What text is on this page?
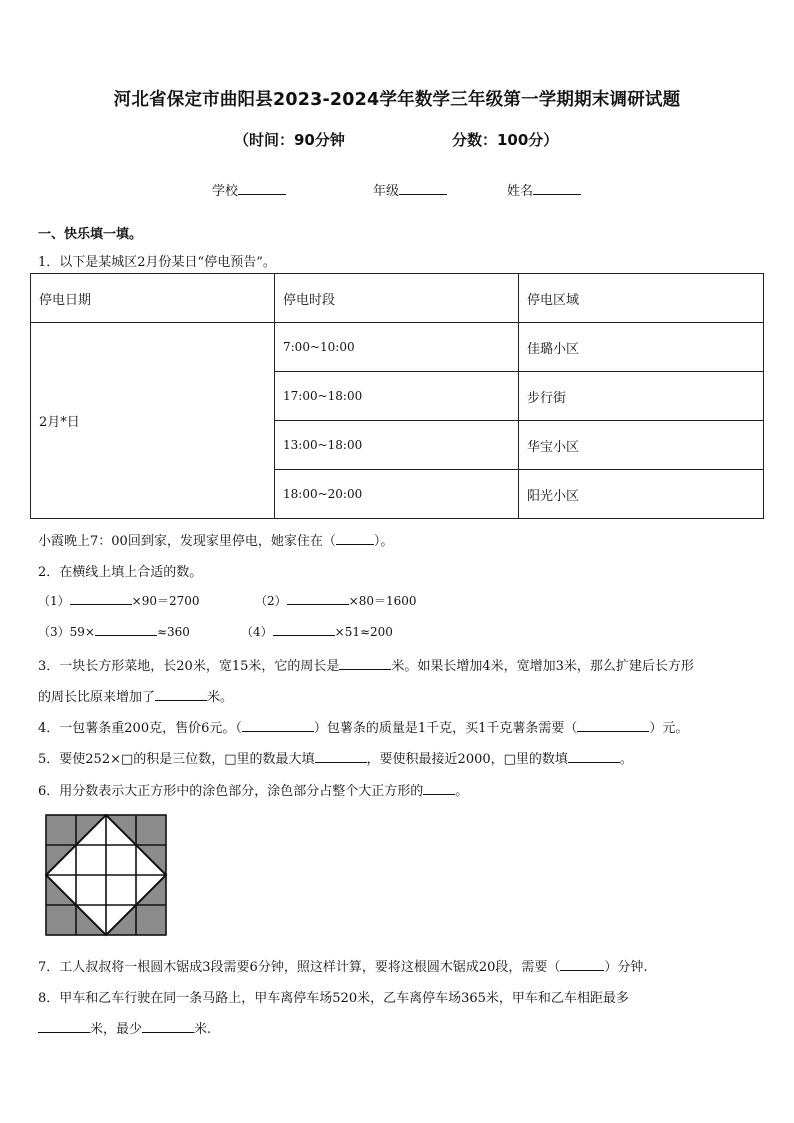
河北省保定市曲阳县2023-2024学年数学三年级第一学期期末调研试题
（时间：90分钟	分数：100分）
学校	年级	姓名
一、快乐填一填。
1．以下是某城区2月份某日“停电预告”。
停电日期	停电时段	停电区域
2月*日	7:00~10:00	佳璐小区
	17:00~18:00	步行街
	13:00~18:00	华宝小区
	18:00~20:00	阳光小区
小霞晚上7：00回到家，发现家里停电，她家住在（	）。
2．在横线上填上合适的数。
（1）	×90＝2700	（2）	×80＝1600
（3）59×	≈360	（4）	×51≈200
3．一块长方形菜地，长20米，宽15米，它的周长是	米。如果长增加4米，宽增加3米，那么扩建后长方形
的周长比原来增加了	米。
4．一包薯条重200克，售价6元。（	）包薯条的质量是1千克，买1千克薯条需要（	）元。
5．要使252×□的积是三位数，□里的数最大填	，要使积最接近2000，□里的数填	。
6．用分数表示大正方形中的涂色部分，涂色部分占整个大正方形的 。
7．工人叔叔将一根圆木锯成3段需要6分钟，照这样计算，要将这根圆木锯成20段，需要（	）分钟.
8．甲车和乙车行驶在同一条马路上，甲车离停车场520米，乙车离停车场365米，甲车和乙车相距最多
米，最少	米.
